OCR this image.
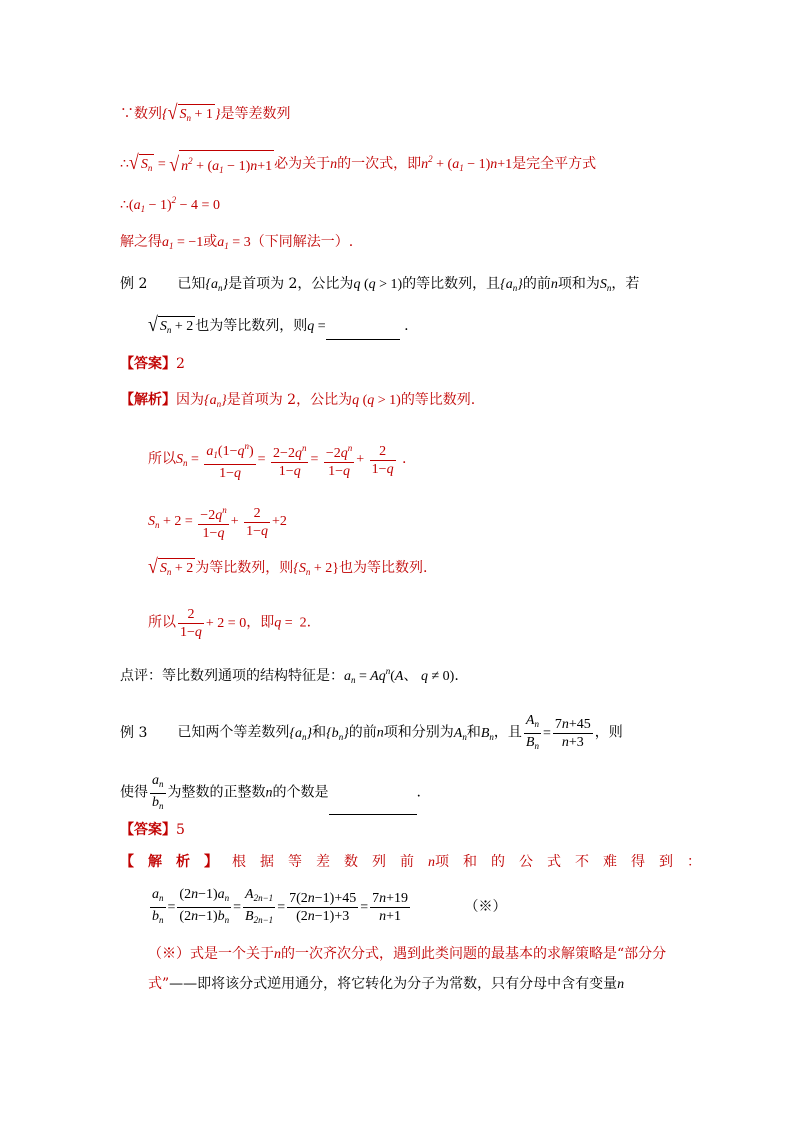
∵数列{√ $S_n + 1$ }是等差数列
∴√ $S_n$ = √ $n^2 + (a_1 - 1)n+1$ 必为关于n的一次式，即$n^2 + (a_1 - 1)n+1$是完全平方式
$\therefore(a_1 - 1)^2 - 4 = 0$
解之得$a_1 = -1$或$a_1 = 3$（下同解法一）.
例 2 已知$\{a_n\}$是首项为 2，公比为q (q > 1)的等比数列，且$\{a_n\}$的前n项和为$S_n$，若
√ $S_n + 2$ 也为等比数列，则q =	.
【答案】2
【解析】因为$\{a_n\}$是首项为 2，公比为q (q > 1)的等比数列.
所以$S_n = \frac{a_1(1-q^n)}{1-q} = \frac{2-2q^n}{1-q} = \frac{-2q^n}{1-q} + \frac{2}{1-q}$ .
$S_n + 2 = \frac{-2q^n}{1-q} + \frac{2}{1-q} +2$
√ $S_n + 2$ 为等比数列，则$\{S_n + 2\}$也为等比数列.
所以 $\frac{2}{1-q} + 2 = 0$，即q =  2.
点评：等比数列通项的结构特征是：$a_n = Aq^n(A$、 q ≠ 0).
例 3 已知两个等差数列$\{a_n\}$和$\{b_n\}$的前n项和分别为$A_n$和$B_n$，且 $\frac{A_n}{B_n} = \frac{7n+45}{n+3}$ ，则
使得 $\frac{a_n}{b_n}$ 为整数的正整数n的个数是	.
【答案】5
【解析】根据等差数列前n项和的公式不难得到：
$\frac{a_n}{b_n} = \frac{(2n-1)a_n}{(2n-1)b_n} = \frac{A_{2n-1}}{B_{2n-1}} = \frac{7(2n-1)+45}{(2n-1)+3} = \frac{7n+19}{n+1}$	（※）
（※）式是一个关于n的一次齐次分式，遇到此类问题的最基本的求解策略是“部分分
式”——即将该分式逆用通分，将它转化为分子为常数，只有分母中含有变量n
